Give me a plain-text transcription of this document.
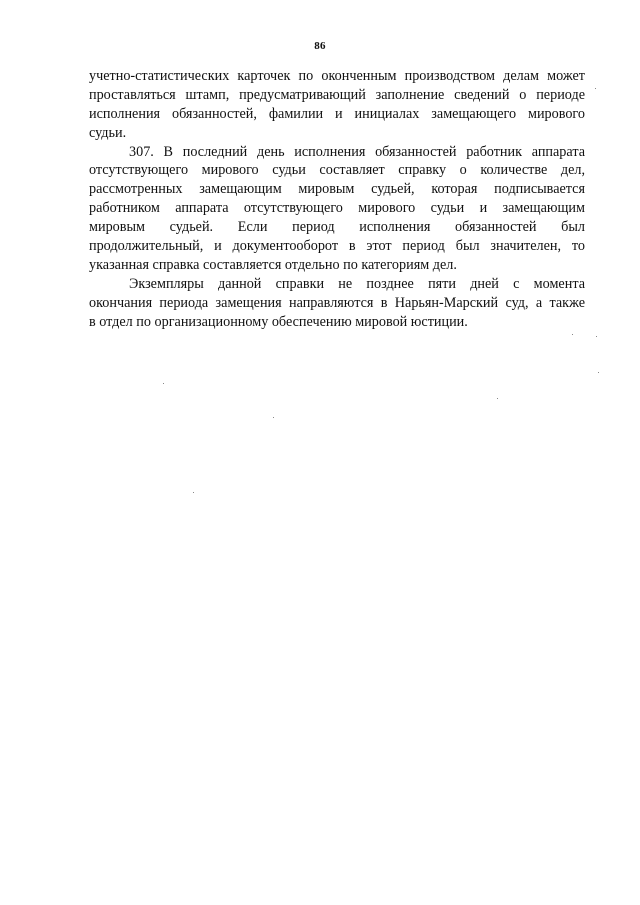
86
учетно-статистических карточек по оконченным производством делам может
проставляться штамп, предусматривающий заполнение сведений о периоде
исполнения обязанностей, фамилии и инициалах замещающего мирового
судьи.
307. В последний день исполнения обязанностей работник аппарата
отсутствующего мирового судьи составляет справку о количестве дел,
рассмотренных замещающим мировым судьей, которая подписывается
работником аппарата отсутствующего мирового судьи и замещающим
мировым судьей. Если период исполнения обязанностей был
продолжительный, и документооборот в этот период был значителен, то
указанная справка составляется отдельно по категориям дел.
Экземпляры данной справки не позднее пяти дней с момента
окончания периода замещения направляются в Нарьян-Марский суд, а также
в отдел по организационному обеспечению мировой юстиции.
